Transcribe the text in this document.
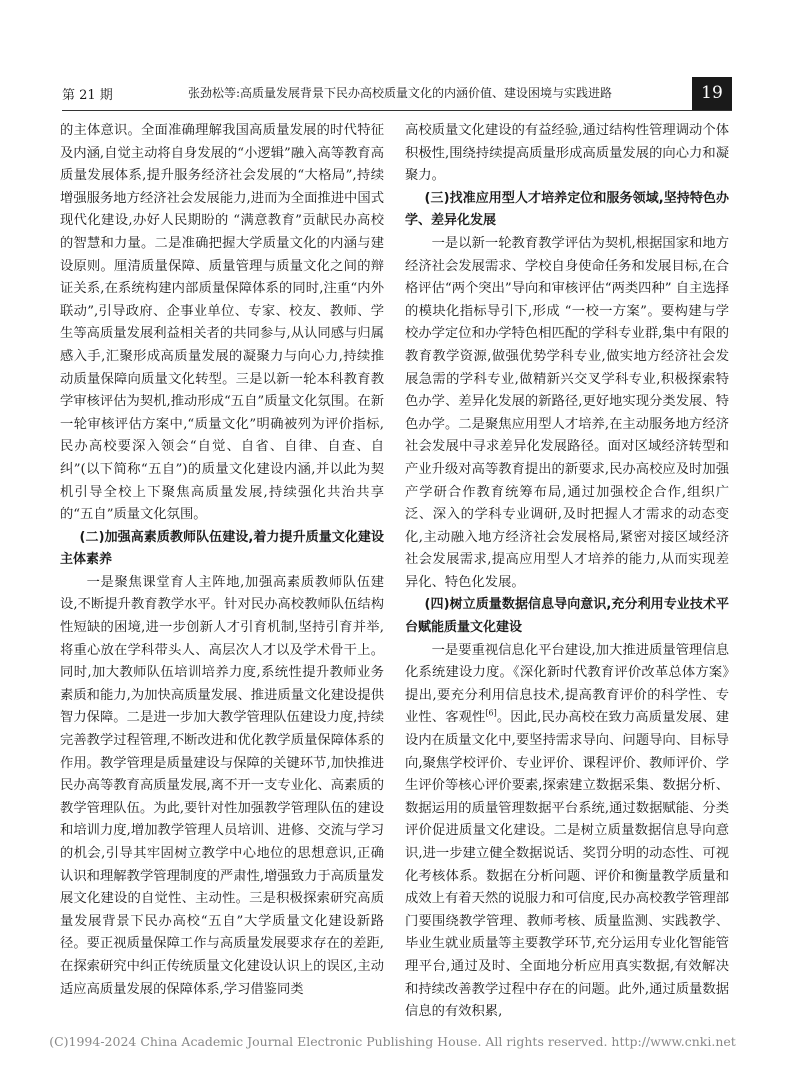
第 21 期	张劲松等:高质量发展背景下民办高校质量文化的内涵价值、建设困境与实践进路	19

的主体意识。全面准确理解我国高质量发展的时代特征及内涵,自觉主动将自身发展的“小逻辑”融入高等教育高质量发展体系,提升服务经济社会发展的“大格局”,持续增强服务地方经济社会发展能力,进而为全面推进中国式现代化建设,办好人民期盼的 “满意教育”贡献民办高校的智慧和力量。二是准确把握大学质量文化的内涵与建设原则。厘清质量保障、质量管理与质量文化之间的辩证关系,在系统构建内部质量保障体系的同时,注重“内外联动”,引导政府、企事业单位、专家、校友、教师、学生等高质量发展利益相关者的共同参与,从认同感与归属感入手,汇聚形成高质量发展的凝聚力与向心力,持续推动质量保障向质量文化转型。三是以新一轮本科教育教学审核评估为契机,推动形成“五自”质量文化氛围。在新一轮审核评估方案中,“质量文化”明确被列为评价指标,民办高校要深入领会“自觉、自省、自律、自查、自纠”(以下简称“五自”)的质量文化建设内涵,并以此为契机引导全校上下聚焦高质量发展,持续强化共治共享的“五自”质量文化氛围。

(二)加强高素质教师队伍建设,着力提升质量文化建设主体素养

一是聚焦课堂育人主阵地,加强高素质教师队伍建设,不断提升教育教学水平。针对民办高校教师队伍结构性短缺的困境,进一步创新人才引育机制,坚持引育并举,将重心放在学科带头人、高层次人才以及学术骨干上。同时,加大教师队伍培训培养力度,系统性提升教师业务素质和能力,为加快高质量发展、推进质量文化建设提供智力保障。二是进一步加大教学管理队伍建设力度,持续完善教学过程管理,不断改进和优化教学质量保障体系的作用。教学管理是质量建设与保障的关键环节,加快推进民办高等教育高质量发展,离不开一支专业化、高素质的教学管理队伍。为此,要针对性加强教学管理队伍的建设和培训力度,增加教学管理人员培训、进修、交流与学习的机会,引导其牢固树立教学中心地位的思想意识,正确认识和理解教学管理制度的严肃性,增强致力于高质量发展文化建设的自觉性、主动性。三是积极探索研究高质量发展背景下民办高校“五自”大学质量文化建设新路径。要正视质量保障工作与高质量发展要求存在的差距,在探索研究中纠正传统质量文化建设认识上的误区,主动适应高质量发展的保障体系,学习借鉴同类

高校质量文化建设的有益经验,通过结构性管理调动个体积极性,围绕持续提高质量形成高质量发展的向心力和凝聚力。

(三)找准应用型人才培养定位和服务领域,坚持特色办学、差异化发展

一是以新一轮教育教学评估为契机,根据国家和地方经济社会发展需求、学校自身使命任务和发展目标,在合格评估“两个突出”导向和审核评估“两类四种” 自主选择的模块化指标导引下,形成 “一校一方案”。要构建与学校办学定位和办学特色相匹配的学科专业群,集中有限的教育教学资源,做强优势学科专业,做实地方经济社会发展急需的学科专业,做精新兴交叉学科专业,积极探索特色办学、差异化发展的新路径,更好地实现分类发展、特色办学。二是聚焦应用型人才培养,在主动服务地方经济社会发展中寻求差异化发展路径。面对区域经济转型和产业升级对高等教育提出的新要求,民办高校应及时加强产学研合作教育统筹布局,通过加强校企合作,组织广泛、深入的学科专业调研,及时把握人才需求的动态变化,主动融入地方经济社会发展格局,紧密对接区域经济社会发展需求,提高应用型人才培养的能力,从而实现差异化、特色化发展。

(四)树立质量数据信息导向意识,充分利用专业技术平台赋能质量文化建设

一是要重视信息化平台建设,加大推进质量管理信息化系统建设力度。《深化新时代教育评价改革总体方案》提出,要充分利用信息技术,提高教育评价的科学性、专业性、客观性[6]。因此,民办高校在致力高质量发展、建设内在质量文化中,要坚持需求导向、问题导向、目标导向,聚焦学校评价、专业评价、课程评价、教师评价、学生评价等核心评价要素,探索建立数据采集、数据分析、数据运用的质量管理数据平台系统,通过数据赋能、分类评价促进质量文化建设。二是树立质量数据信息导向意识,进一步建立健全数据说话、奖罚分明的动态性、可视化考核体系。数据在分析问题、评价和衡量教学质量和成效上有着天然的说服力和可信度,民办高校教学管理部门要围绕教学管理、教师考核、质量监测、实践教学、毕业生就业质量等主要教学环节,充分运用专业化智能管理平台,通过及时、全面地分析应用真实数据,有效解决和持续改善教学过程中存在的问题。此外,通过质量数据信息的有效积累,

(C)1994-2024 China Academic Journal Electronic Publishing House. All rights reserved. http://www.cnki.net
